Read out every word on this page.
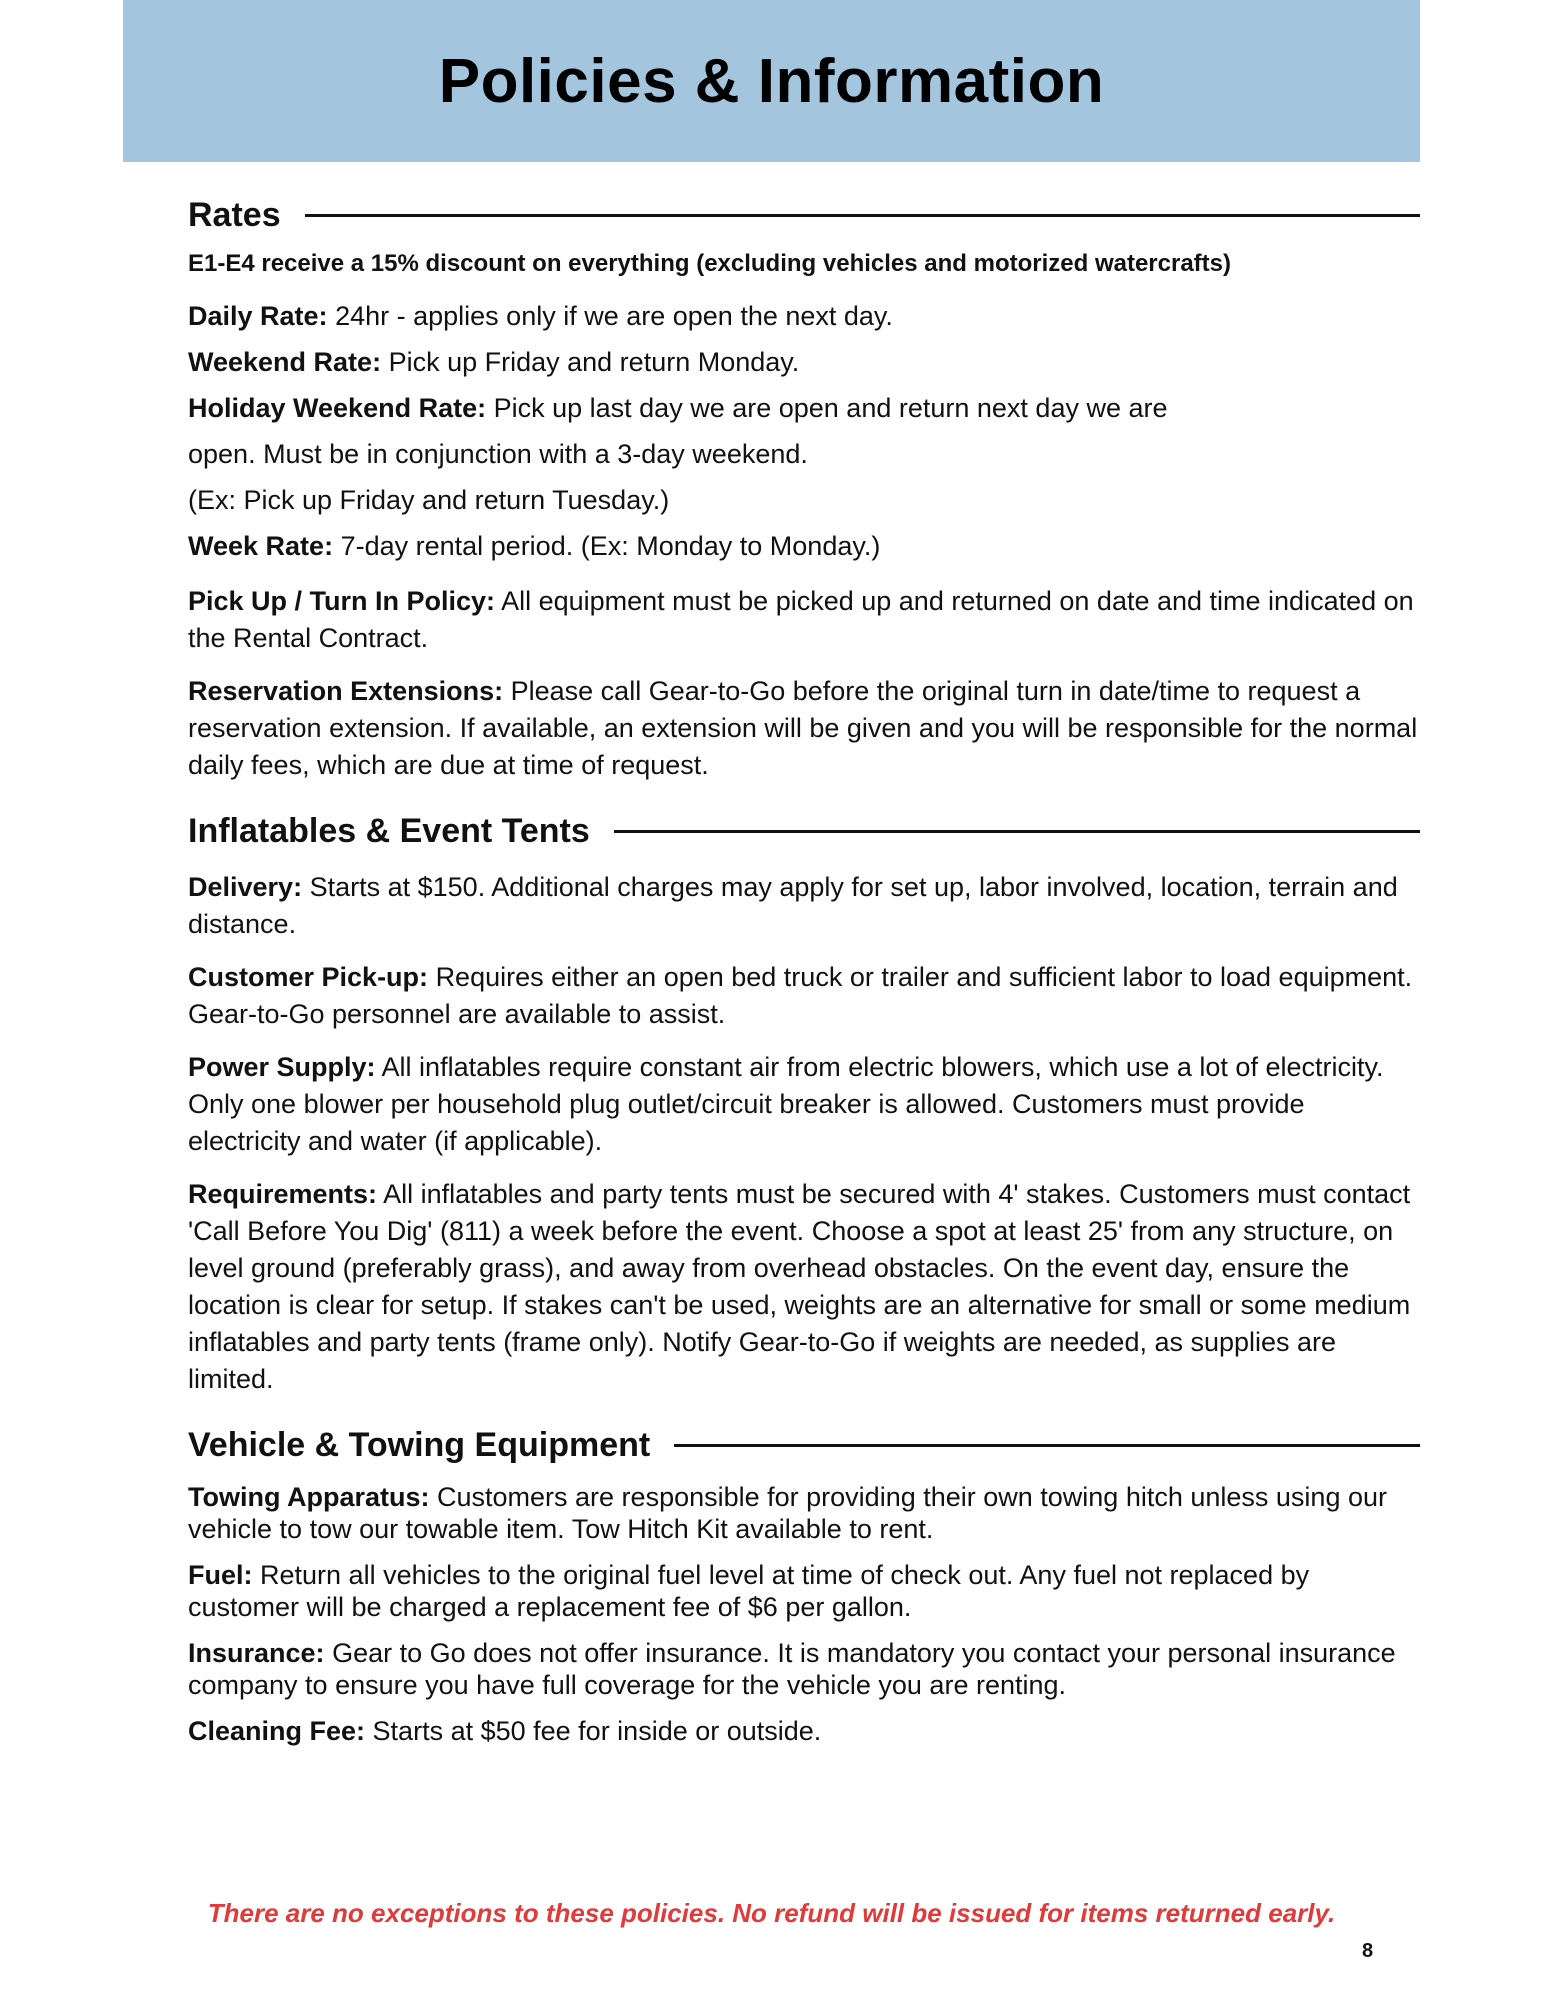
Policies & Information
Rates

E1-E4 receive a 15% discount on everything (excluding vehicles and motorized watercrafts)

Daily Rate: 24hr - applies only if we are open the next day.

Weekend Rate: Pick up Friday and return Monday.

Holiday Weekend Rate: Pick up last day we are open and return next day we are

open. Must be in conjunction with a 3-day weekend.

(Ex: Pick up Friday and return Tuesday.)

Week Rate: 7-day rental period. (Ex: Monday to Monday.)

Pick Up / Turn In Policy: All equipment must be picked up and returned on date and time indicated on the Rental Contract.

Reservation Extensions: Please call Gear-to-Go before the original turn in date/time to request a reservation extension. If available, an extension will be given and you will be responsible for the normal daily fees, which are due at time of request.

Inflatables & Event Tents

Delivery: Starts at $150. Additional charges may apply for set up, labor involved, location, terrain and distance.

Customer Pick-up: Requires either an open bed truck or trailer and sufficient labor to load equipment. Gear-to-Go personnel are available to assist.

Power Supply: All inflatables require constant air from electric blowers, which use a lot of electricity. Only one blower per household plug outlet/circuit breaker is allowed. Customers must provide electricity and water (if applicable).

Requirements: All inflatables and party tents must be secured with 4' stakes. Customers must contact 'Call Before You Dig' (811) a week before the event. Choose a spot at least 25' from any structure, on level ground (preferably grass), and away from overhead obstacles. On the event day, ensure the location is clear for setup. If stakes can't be used, weights are an alternative for small or some medium inflatables and party tents (frame only). Notify Gear-to-Go if weights are needed, as supplies are limited.

Vehicle & Towing Equipment

Towing Apparatus: Customers are responsible for providing their own towing hitch unless using our vehicle to tow our towable item. Tow Hitch Kit available to rent.

Fuel: Return all vehicles to the original fuel level at time of check out. Any fuel not replaced by customer will be charged a replacement fee of $6 per gallon.

Insurance: Gear to Go does not offer insurance. It is mandatory you contact your personal insurance company to ensure you have full coverage for the vehicle you are renting.

Cleaning Fee: Starts at $50 fee for inside or outside.

There are no exceptions to these policies. No refund will be issued for items returned early.
8
